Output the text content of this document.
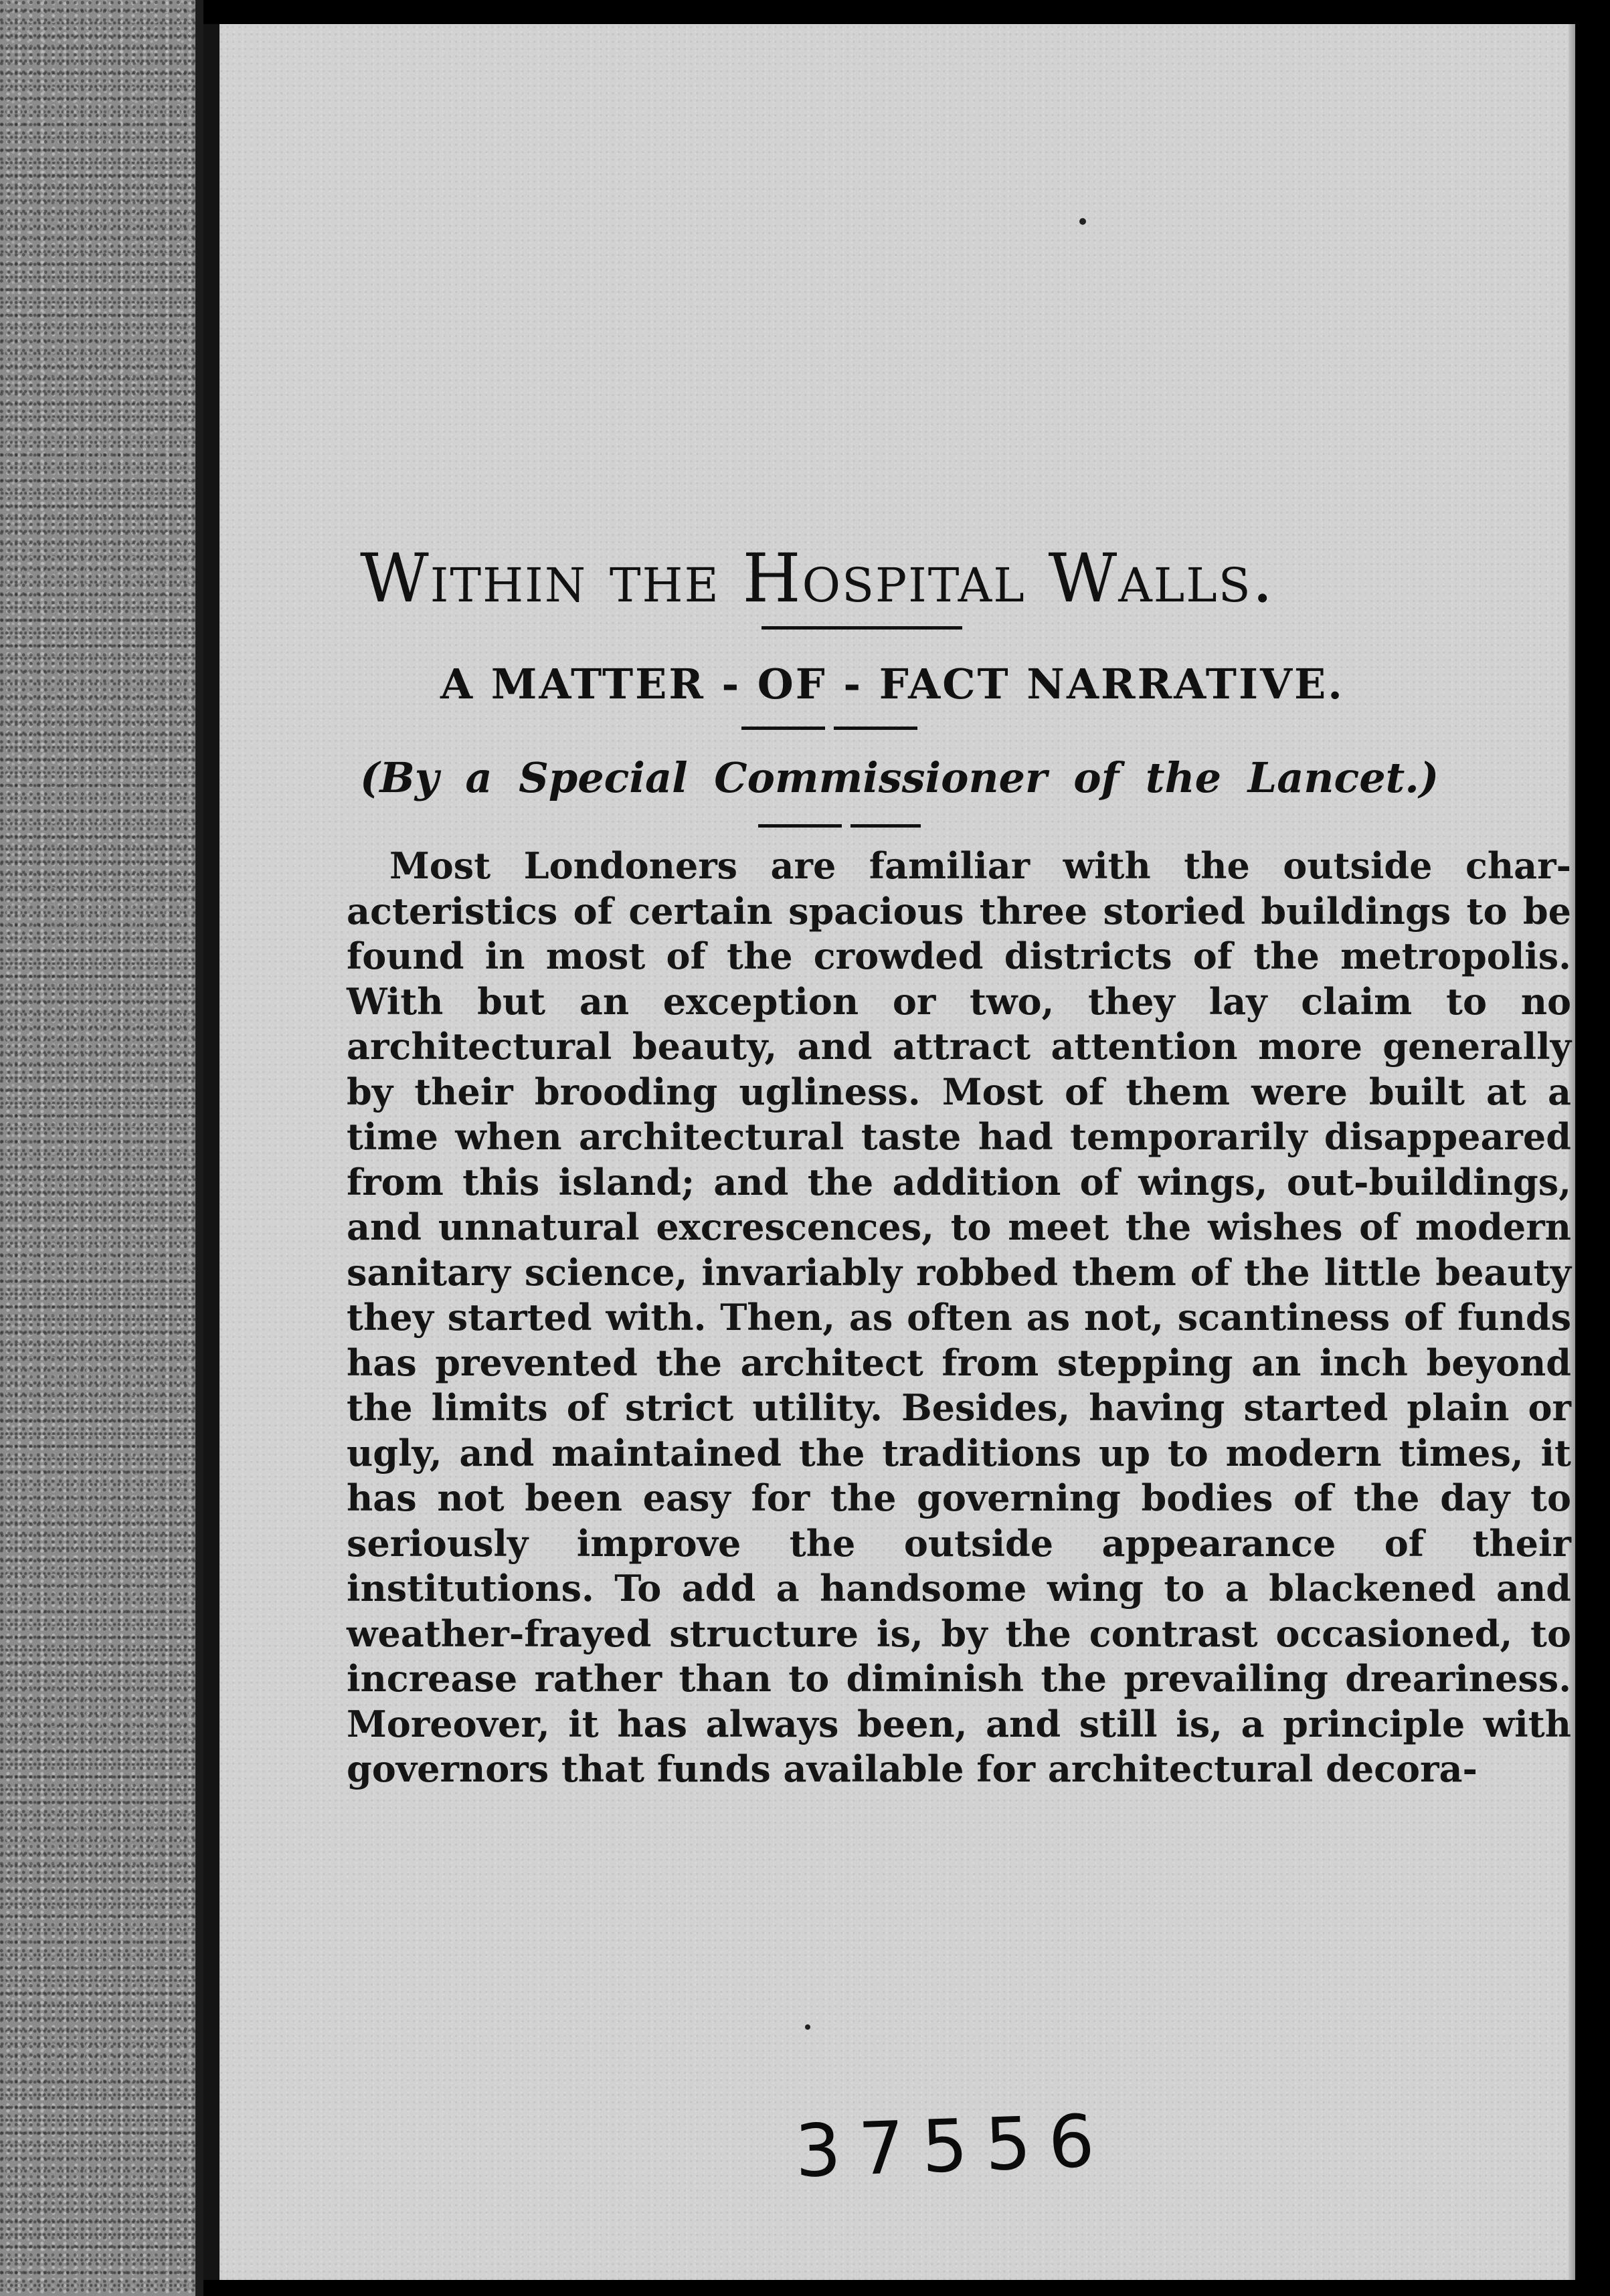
Within the Hospital Walls.
A MATTER - OF - FACT NARRATIVE.

(By a Special Commissioner of the Lancet.)

Most Londoners are familiar with the outside characteristics of certain spacious three storied buildings to be found in most of the crowded districts of the metropolis. With but an exception or two, they lay claim to no architectural beauty, and attract attention more generally by their brooding ugliness. Most of them were built at a time when architectural taste had temporarily disappeared from this island; and the addition of wings, out-buildings, and unnatural excrescences, to meet the wishes of modern sanitary science, invariably robbed them of the little beauty they started with. Then, as often as not, scantiness of funds has prevented the architect from stepping an inch beyond the limits of strict utility. Besides, having started plain or ugly, and maintained the traditions up to modern times, it has not been easy for the governing bodies of the day to seriously improve the outside appearance of their institutions. To add a handsome wing to a blackened and weather-frayed structure is, by the contrast occasioned, to increase rather than to diminish the prevailing dreariness. Moreover, it has always been, and still is, a principle with governors that funds available for architectural decora-

37556
